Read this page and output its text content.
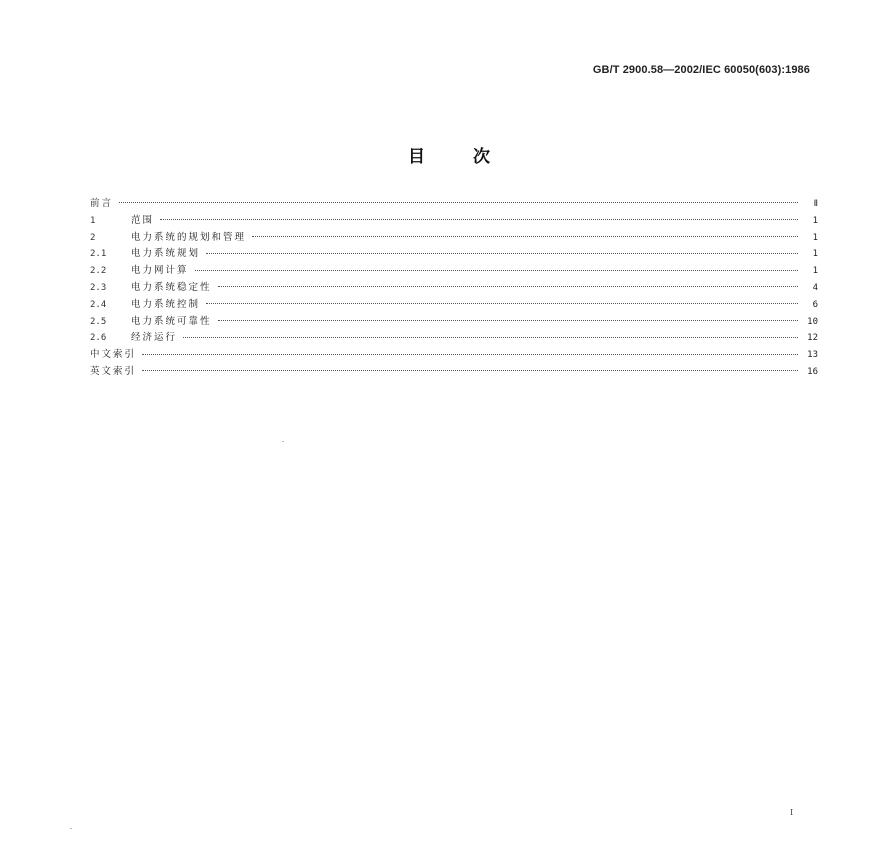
GB/T 2900.58—2002/IEC 60050(603):1986
目次
前言	Ⅱ
1	范围	1
2	电力系统的规划和管理	1
2.1	电力系统规划	1
2.2	电力网计算	1
2.3	电力系统稳定性	4
2.4	电力系统控制	6
2.5	电力系统可靠性	10
2.6	经济运行	12
中文索引	13
英文索引	16
I
